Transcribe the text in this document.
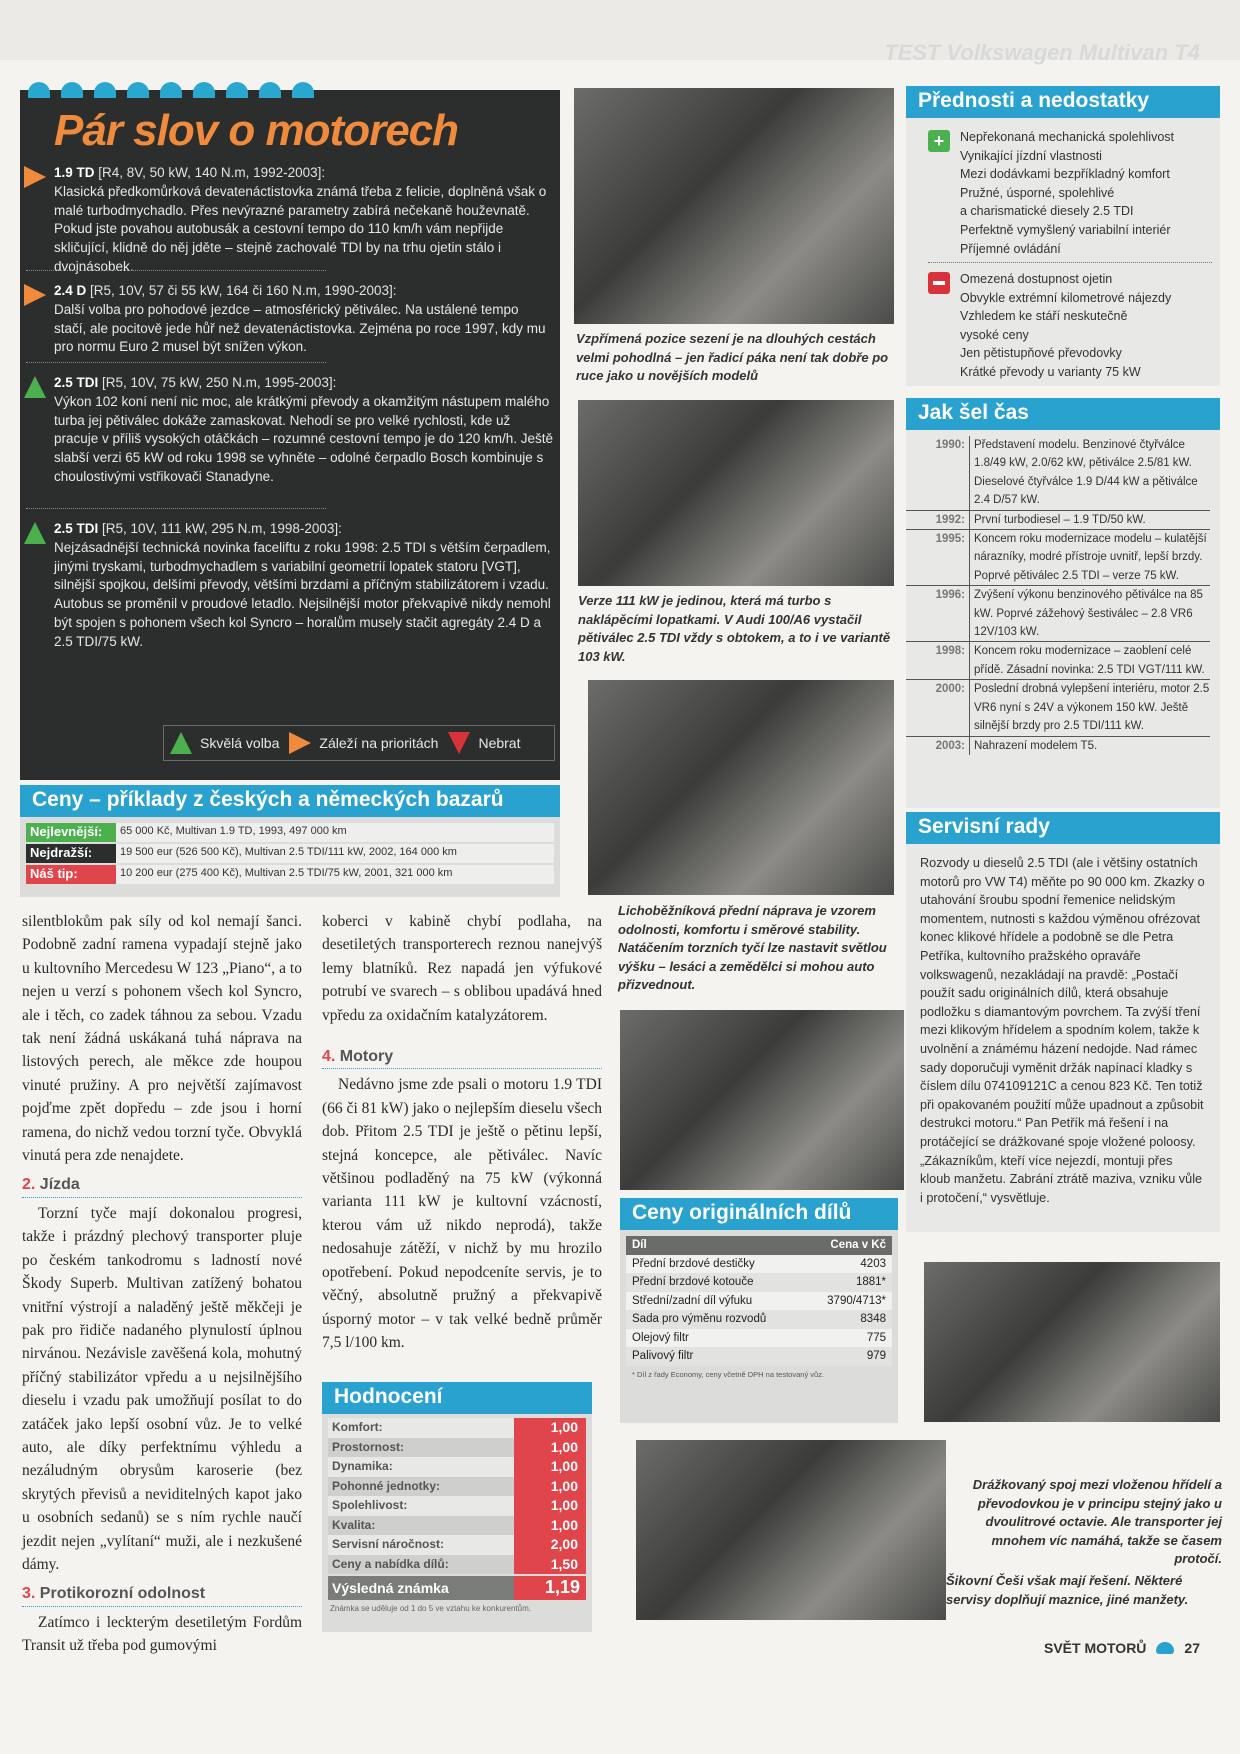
TEST Volkswagen Multivan T4
Pár slov o motorech
1.9 TD [R4, 8V, 50 kW, 140 N.m, 1992-2003]:
Klasická předkomůrková devatenáctistovka známá třeba z felicie, doplněná však o malé turbodmychadlo. Přes nevýrazné parametry zabírá nečekaně houževnatě. Pokud jste povahou autobusák a cestovní tempo do 110 km/h vám nepřijde skličující, klidně do něj jděte – stejně zachovalé TDI by na trhu ojetin stálo i dvojnásobek.
2.4 D [R5, 10V, 57 či 55 kW, 164 či 160 N.m, 1990-2003]:
Další volba pro pohodové jezdce – atmosférický pětiválec. Na ustálené tempo stačí, ale pocitově jede hůř než devatenáctistovka. Zejména po roce 1997, kdy mu pro normu Euro 2 musel být snížen výkon.
2.5 TDI [R5, 10V, 75 kW, 250 N.m, 1995-2003]:
Výkon 102 koní není nic moc, ale krátkými převody a okamžitým nástupem malého turba jej pětiválec dokáže zamaskovat. Nehodí se pro velké rychlosti, kde už pracuje v příliš vysokých otáčkách – rozumné cestovní tempo je do 120 km/h. Ještě slabší verzi 65 kW od roku 1998 se vyhněte – odolné čerpadlo Bosch kombinuje s choulostivými vstřikovači Stanadyne.
2.5 TDI [R5, 10V, 111 kW, 295 N.m, 1998-2003]:
Nejzásadnější technická novinka faceliftu z roku 1998: 2.5 TDI s větším čerpadlem, jinými tryskami, turbodmychadlem s variabilní geometrií lopatek statoru [VGT], silnější spojkou, delšími převody, většími brzdami a příčným stabilizátorem i vzadu. Autobus se proměnil v proudové letadlo. Nejsilnější motor překvapivě nikdy nemohl být spojen s pohonem všech kol Syncro – horalům musely stačit agregáty 2.4 D a 2.5 TDI/75 kW.
Skvělá volba	Záleží na prioritách	Nebrat
Ceny – příklady z českých a německých bazarů
Nejlevnější:	65 000 Kč, Multivan 1.9 TD, 1993, 497 000 km
Nejdražší:	19 500 eur (526 500 Kč), Multivan 2.5 TDI/111 kW, 2002, 164 000 km
Náš tip:	10 200 eur (275 400 Kč), Multivan 2.5 TDI/75 kW, 2001, 321 000 km

silentblokům pak síly od kol nemají šanci. Podobně zadní ramena vypadají stejně jako u kultovního Mercedesu W 123 „Piano“, a to nejen u verzí s pohonem všech kol Syncro, ale i těch, co zadek táhnou za sebou. Vzadu tak není žádná uskákaná tuhá náprava na listových perech, ale měkce zde houpou vinuté pružiny. A pro největší zajímavost pojďme zpět dopředu – zde jsou i horní ramena, do nichž vedou torzní tyče. Obvyklá vinutá pera zde nenajdete.

2. Jízda

Torzní tyče mají dokonalou progresi, takže i prázdný plechový transporter pluje po českém tankodromu s ladností nové Škody Superb. Multivan zatížený bohatou vnitřní výstrojí a naladěný ještě měkčeji je pak pro řidiče nadaného plynulostí úplnou nirvánou. Nezávisle zavěšená kola, mohutný příčný stabilizátor vpředu a u nejsilnějšího dieselu i vzadu pak umožňují posílat to do zatáček jako lepší osobní vůz. Je to velké auto, ale díky perfektnímu výhledu a nezáludným obrysům karoserie (bez skrytých převisů a neviditelných kapot jako u osobních sedanů) se s ním rychle naučí jezdit nejen „vylítaní“ muži, ale i nezkušené dámy.

3. Protikorozní odolnost

Zatímco i leckterým desetiletým Fordům Transit už třeba pod gumovými

koberci v kabině chybí podlaha, na desetiletých transporterech reznou nanejvýš lemy blatníků. Rez napadá jen výfukové potrubí ve svarech – s oblibou upadává hned vpředu za oxidačním katalyzátorem.

4. Motory

Nedávno jsme zde psali o motoru 1.9 TDI (66 či 81 kW) jako o nejlepším dieselu všech dob. Přitom 2.5 TDI je ještě o pětinu lepší, stejná koncepce, ale pětiválec. Navíc většinou podladěný na 75 kW (výkonná varianta 111 kW je kultovní vzácností, kterou vám už nikdo neprodá), takže nedosahuje zátěží, v nichž by mu hrozilo opotřebení. Pokud nepodceníte servis, je to věčný, absolutně pružný a překvapivě úsporný motor – v tak velké bedně průměr 7,5 l/100 km.

Hodnocení
Komfort:	1,00
Prostornost:	1,00
Dynamika:	1,00
Pohonné jednotky:	1,00
Spolehlivost:	1,00
Kvalita:	1,00
Servisní náročnost:	2,00
Ceny a nabídka dílů:	1,50
Výsledná známka	1,19
Známka se uděluje od 1 do 5 ve vztahu ke konkurentům.
Vzpřímená pozice sezení je na dlouhých cestách velmi pohodlná – jen řadicí páka není tak dobře po ruce jako u novějších modelů
Verze 111 kW je jedinou, která má turbo s naklápěcími lopatkami. V Audi 100/A6 vystačil pětiválec 2.5 TDI vždy s obtokem, a to i ve variantě 103 kW.
Lichoběžníková přední náprava je vzorem odolnosti, komfortu i směrové stability. Natáčením torzních tyčí lze nastavit světlou výšku – lesáci a zemědělci si mohou auto přizvednout.
Ceny originálních dílů
Díl	Cena v Kč
Přední brzdové destičky	4203
Přední brzdové kotouče	1881*
Střední/zadní díl výfuku	3790/4713*
Sada pro výměnu rozvodů	8348
Olejový filtr	775
Palivový filtr	979
* Díl z řady Economy, ceny včetně DPH na testovaný vůz.
Přednosti a nedostatky
+	Nepřekonaná mechanická spolehlivost
Vynikající jízdní vlastnosti
Mezi dodávkami bezpříkladný komfort
Pružné, úsporné, spolehlivé
a charismatické diesely 2.5 TDI
Perfektně vymyšlený variabilní interiér
Příjemné ovládání
Omezená dostupnost ojetin
Obvykle extrémní kilometrové nájezdy
Vzhledem ke stáří neskutečně
vysoké ceny
Jen pětistupňové převodovky
Krátké převody u varianty 75 kW
Jak šel čas
1990: Představení modelu. Benzinové čtyřválce 1.8/49 kW, 2.0/62 kW, pětiválce 2.5/81 kW. Dieselové čtyřválce 1.9 D/44 kW a pětiválce 2.4 D/57 kW.
1992: První turbodiesel – 1.9 TD/50 kW.
1995: Koncem roku modernizace modelu – kulatější nárazníky, modré přístroje uvnitř, lepší brzdy. Poprvé pětiválec 2.5 TDI – verze 75 kW.
1996: Zvýšení výkonu benzinového pětiválce na 85 kW. Poprvé zážehový šestiválec – 2.8 VR6 12V/103 kW.
1998: Koncem roku modernizace – zaoblení celé přídě. Zásadní novinka: 2.5 TDI VGT/111 kW.
2000: Poslední drobná vylepšení interiéru, motor 2.5 VR6 nyní s 24V a výkonem 150 kW. Ještě silnější brzdy pro 2.5 TDI/111 kW.
2003: Nahrazení modelem T5.
Servisní rady
Rozvody u dieselů 2.5 TDI (ale i většiny ostatních motorů pro VW T4) měňte po 90 000 km. Zkazky o utahování šroubu spodní řemenice nelidským momentem, nutnosti s každou výměnou ofrézovat konec klikové hřídele a podobně se dle Petra Petříka, kultovního pražského opraváře volkswagenů, nezakládají na pravdě: „Postačí použít sadu originálních dílů, která obsahuje podložku s diamantovým povrchem. Ta zvýší tření mezi klikovým hřídelem a spodním kolem, takže k uvolnění a známému házení nedojde. Nad rámec sady doporučuji vyměnit držák napínací kladky s číslem dílu 074109121C a cenou 823 Kč. Ten totiž při opakovaném použití může upadnout a způsobit destrukci motoru.“ Pan Petřík má řešení i na protáčející se drážkované spoje vložené poloosy. „Zákazníkům, kteří více nejezdí, montuji přes kloub manžetu. Zabrání ztrátě maziva, vzniku vůle i protočení,“ vysvětluje.
Drážkovaný spoj mezi vloženou hřídelí a převodovkou je v principu stejný jako u dvoulitrové octavie. Ale transporter jej mnohem víc namáhá, takže se časem protočí.
Šikovní Češi však mají řešení. Některé servisy doplňují maznice, jiné manžety.
SVĚT MOTORŮ	27
